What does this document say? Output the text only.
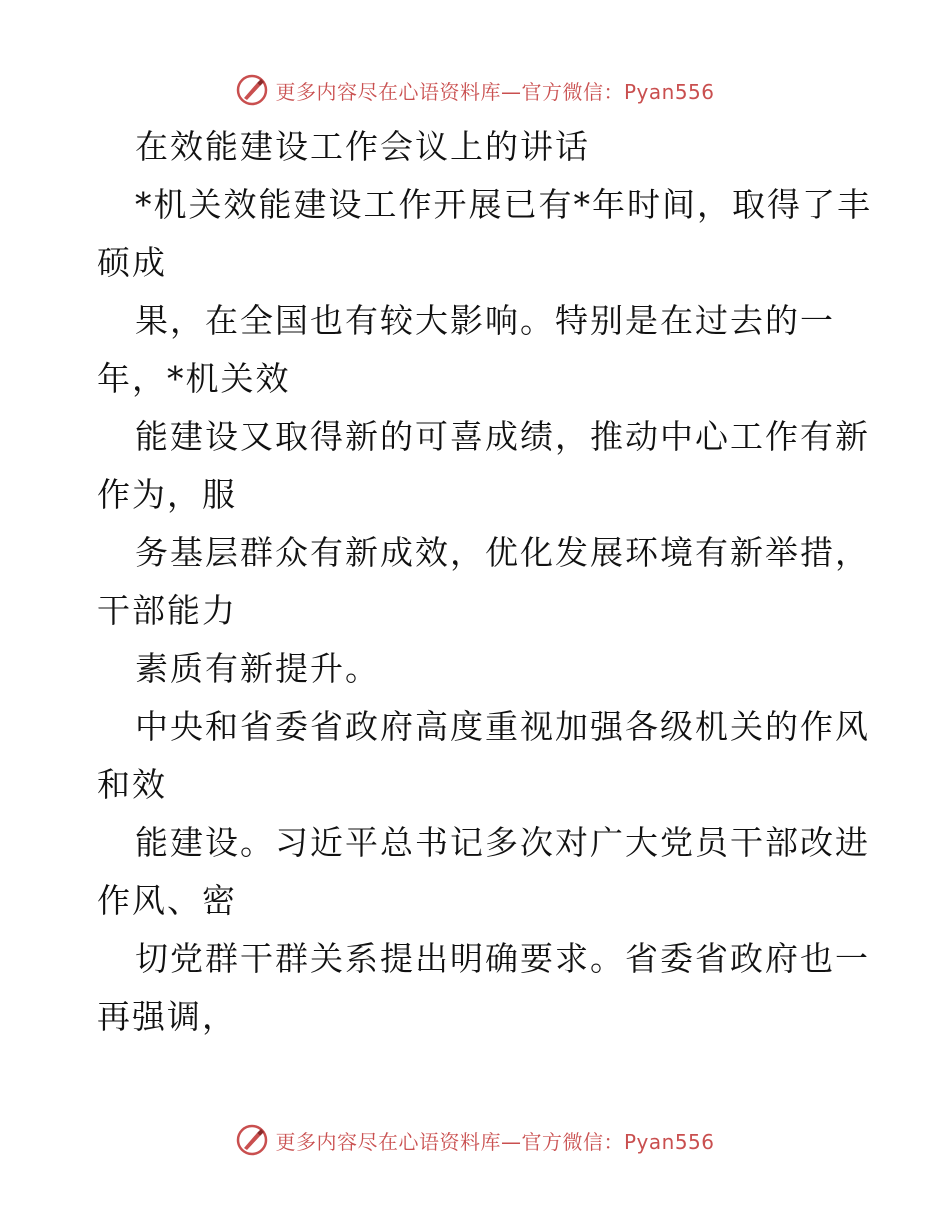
更多内容尽在心语资料库—官方微信：Pyan556
在效能建设工作会议上的讲话
*机关效能建设工作开展已有*年时间，取得了丰
硕成
果，在全国也有较大影响。特别是在过去的一
年，*机关效
能建设又取得新的可喜成绩，推动中心工作有新
作为，服
务基层群众有新成效，优化发展环境有新举措，
干部能力
素质有新提升。
中央和省委省政府高度重视加强各级机关的作风
和效
能建设。习近平总书记多次对广大党员干部改进
作风、密
切党群干群关系提出明确要求。省委省政府也一
再强调，
更多内容尽在心语资料库—官方微信：Pyan556
